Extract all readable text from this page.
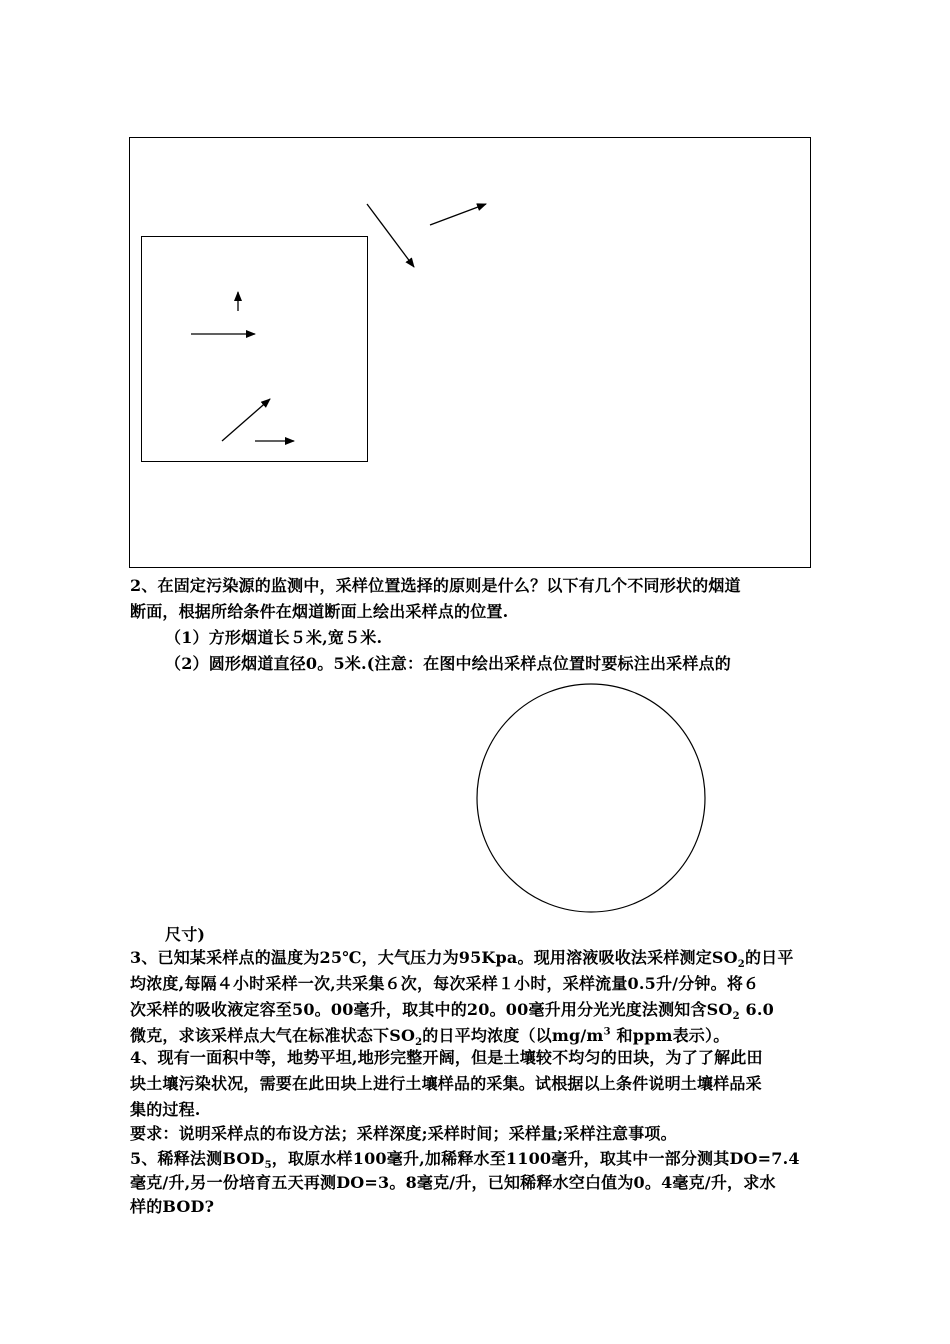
2、在固定污染源的监测中，采样位置选择的原则是什么？以下有几个不同形状的烟道
断面，根据所给条件在烟道断面上绘出采样点的位置.
（1）方形烟道长５米,宽５米.
（2）圆形烟道直径0。5米.(注意：在图中绘出采样点位置时要标注出采样点的
尺寸)
3、已知某采样点的温度为25℃，大气压力为95Kpa。现用溶液吸收法采样测定$SO_2$的日平
均浓度,每隔４小时采样一次,共采集６次，每次采样１小时，采样流量0.5升/分钟。将６
次采样的吸收液定容至50。00毫升，取其中的20。00毫升用分光光度法测知含$SO_2$ 6.0
微克，求该采样点大气在标准状态下$SO_2$的日平均浓度（以$mg/m^3$ 和ppm表示）。
4、现有一面积中等，地势平坦,地形完整开阔，但是土壤较不均匀的田块，为了了解此田
块土壤污染状况，需要在此田块上进行土壤样品的采集。试根据以上条件说明土壤样品采
集的过程.
要求：说明采样点的布设方法；采样深度;采样时间；采样量;采样注意事项。
5、稀释法测$BOD_5$，取原水样100毫升,加稀释水至1100毫升，取其中一部分测其DO=7.4
毫克/升,另一份培育五天再测DO=3。8毫克/升，已知稀释水空白值为0。4毫克/升，求水
样的BOD?
